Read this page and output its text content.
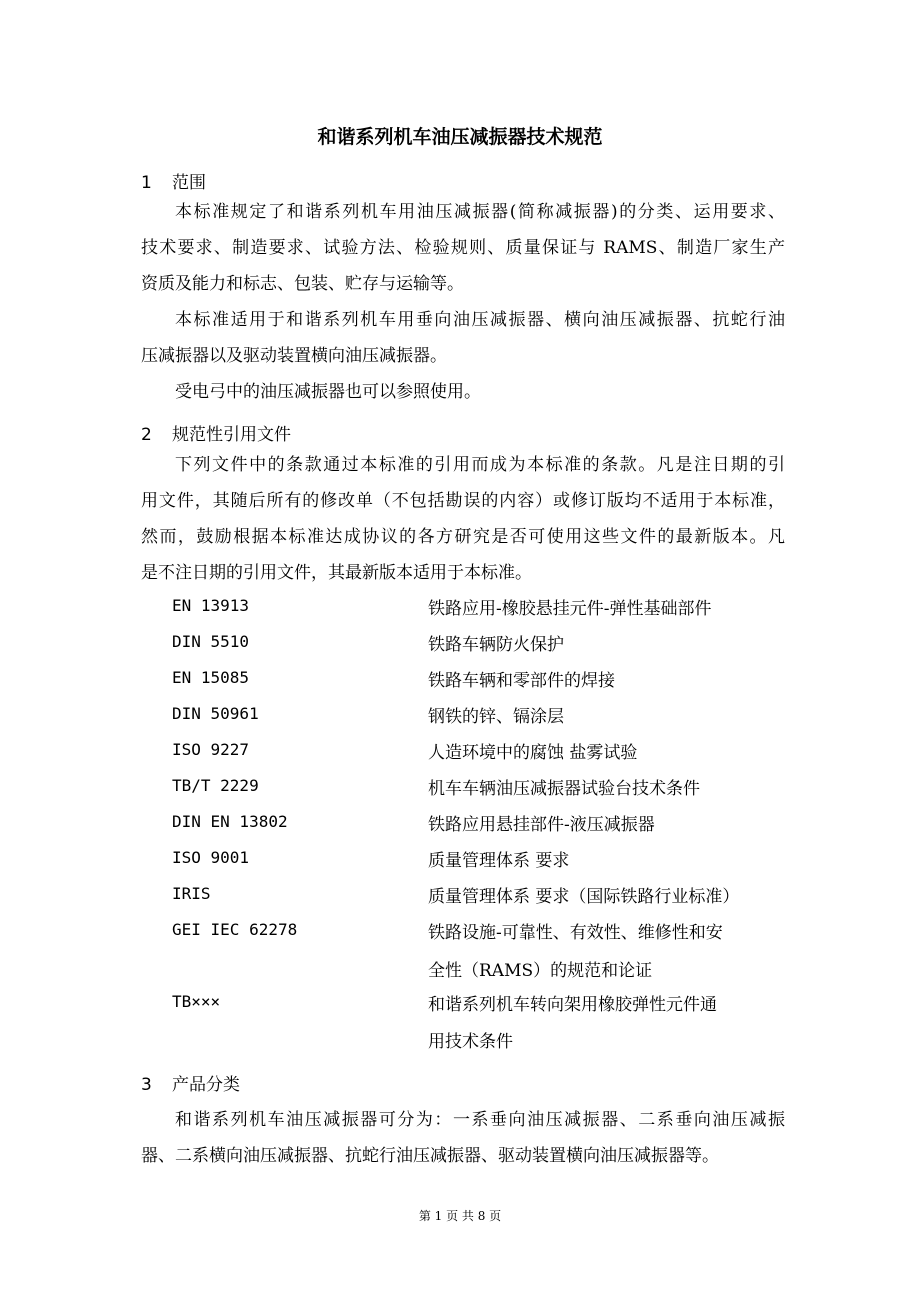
和谐系列机车油压减振器技术规范
1 范围
本标准规定了和谐系列机车用油压减振器(简称减振器)的分类、运用要求、
技术要求、制造要求、试验方法、检验规则、质量保证与 RAMS、制造厂家生产
资质及能力和标志、包装、贮存与运输等。
本标准适用于和谐系列机车用垂向油压减振器、横向油压减振器、抗蛇行油
压减振器以及驱动装置横向油压减振器。
受电弓中的油压减振器也可以参照使用。
2 规范性引用文件
下列文件中的条款通过本标准的引用而成为本标准的条款。凡是注日期的引
用文件，其随后所有的修改单（不包括勘误的内容）或修订版均不适用于本标准，
然而，鼓励根据本标准达成协议的各方研究是否可使用这些文件的最新版本。凡
是不注日期的引用文件，其最新版本适用于本标准。
EN 13913	铁路应用-橡胶悬挂元件-弹性基础部件
DIN 5510	铁路车辆防火保护
EN 15085	铁路车辆和零部件的焊接
DIN 50961	钢铁的锌、镉涂层
ISO 9227	人造环境中的腐蚀 盐雾试验
TB/T 2229	机车车辆油压减振器试验台技术条件
DIN EN 13802	铁路应用悬挂部件-液压减振器
ISO 9001	质量管理体系 要求
IRIS	质量管理体系 要求（国际铁路行业标准）
GEI IEC 62278	铁路设施-可靠性、有效性、维修性和安
全性（RAMS）的规范和论证
TB×××	和谐系列机车转向架用橡胶弹性元件通
用技术条件
3 产品分类
和谐系列机车油压减振器可分为：一系垂向油压减振器、二系垂向油压减振
器、二系横向油压减振器、抗蛇行油压减振器、驱动装置横向油压减振器等。
第 1 页 共 8 页
